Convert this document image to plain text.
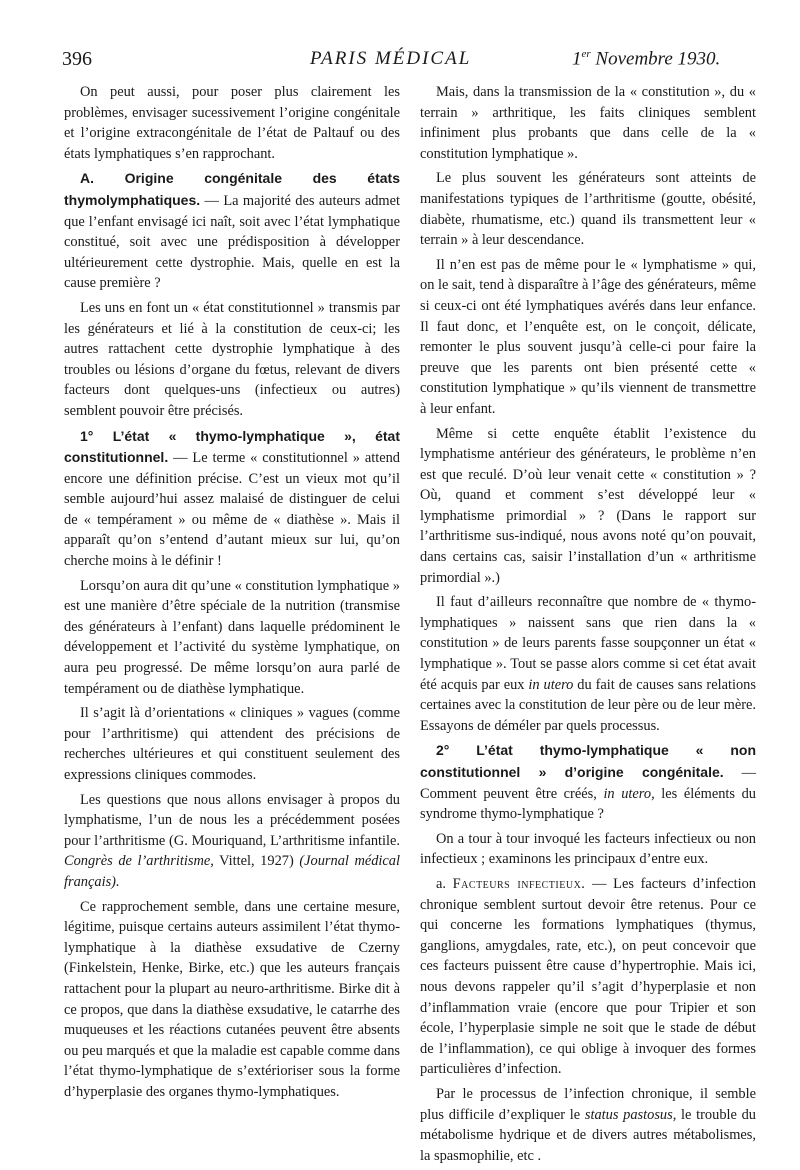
396	PARIS MÉDICAL	1er Novembre 1930.

On peut aussi, pour poser plus clairement les problèmes, envisager sucessivement l’origine congénitale et l’origine extracongénitale de l’état de Paltauf ou des états lymphatiques s’en rapprochant.

A. Origine congénitale des états thymolymphatiques. — La majorité des auteurs admet que l’enfant envisagé ici naît, soit avec l’état lymphatique constitué, soit avec une prédisposition à développer ultérieurement cette dystrophie. Mais, quelle en est la cause première ?

Les uns en font un « état constitutionnel » transmis par les générateurs et lié à la constitution de ceux-ci; les autres rattachent cette dystrophie lymphatique à des troubles ou lésions d’organe du fœtus, relevant de divers facteurs dont quelques-uns (infectieux ou autres) semblent pouvoir être précisés.

1° L’état « thymo-lymphatique », état constitutionnel. — Le terme « constitutionnel » attend encore une définition précise. C’est un vieux mot qu’il semble aujourd’hui assez malaisé de distinguer de celui de « tempérament » ou même de « diathèse ». Mais il apparaît qu’on s’entend d’autant mieux sur lui, qu’on cherche moins à le définir !

Lorsqu’on aura dit qu’une « constitution lymphatique » est une manière d’être spéciale de la nutrition (transmise des générateurs à l’enfant) dans laquelle prédominent le développement et l’activité du système lymphatique, on aura peu progressé. De même lorsqu’on aura parlé de tempérament ou de diathèse lymphatique.

Il s’agit là d’orientations « cliniques » vagues (comme pour l’arthritisme) qui attendent des précisions de recherches ultérieures et qui constituent seulement des expressions cliniques commodes.

Les questions que nous allons envisager à propos du lymphatisme, l’un de nous les a précédemment posées pour l’arthritisme (G. Mouriquand, L’arthritisme infantile. Congrès de l’arthritisme, Vittel, 1927) (Journal médical français).

Ce rapprochement semble, dans une certaine mesure, légitime, puisque certains auteurs assimilent l’état thymo-lymphatique à la diathèse exsudative de Czerny (Finkelstein, Henke, Birke, etc.) que les auteurs français rattachent pour la plupart au neuro-arthritisme. Birke dit à ce propos, que dans la diathèse exsudative, le catarrhe des muqueuses et les réactions cutanées peuvent être absents ou peu marqués et que la maladie est capable comme dans l’état thymo-lymphatique de s’extérioriser sous la forme d’hyperplasie des organes thymo-lymphatiques.

Mais, dans la transmission de la « constitution », du « terrain » arthritique, les faits cliniques semblent infiniment plus probants que dans celle de la « constitution lymphatique ».

Le plus souvent les générateurs sont atteints de manifestations typiques de l’arthritisme (goutte, obésité, diabète, rhumatisme, etc.) quand ils transmettent leur « terrain » à leur descendance.

Il n’en est pas de même pour le « lymphatisme » qui, on le sait, tend à disparaître à l’âge des générateurs, même si ceux-ci ont été lymphatiques avérés dans leur enfance. Il faut donc, et l’enquête est, on le conçoit, délicate, remonter le plus souvent jusqu’à celle-ci pour faire la preuve que les parents ont bien présenté cette « constitution lymphatique » qu’ils viennent de transmettre à leur enfant.

Même si cette enquête établit l’existence du lymphatisme antérieur des générateurs, le problème n’en est que reculé. D’où leur venait cette « constitution » ? Où, quand et comment s’est développé leur « lymphatisme primordial » ? (Dans le rapport sur l’arthritisme sus-indiqué, nous avons noté qu’on pouvait, dans certains cas, saisir l’installation d’un « arthritisme primordial ».)

Il faut d’ailleurs reconnaître que nombre de « thymo-lymphatiques » naissent sans que rien dans la « constitution » de leurs parents fasse soupçonner un état « lymphatique ». Tout se passe alors comme si cet état avait été acquis par eux in utero du fait de causes sans relations certaines avec la constitution de leur père ou de leur mère. Essayons de déméler par quels processus.

2° L’état thymo-lymphatique « non constitutionnel » d’origine congénitale. — Comment peuvent être créés, in utero, les éléments du syndrome thymo-lymphatique ?

On a tour à tour invoqué les facteurs infectieux ou non infectieux ; examinons les principaux d’entre eux.

a. Facteurs infectieux. — Les facteurs d’infection chronique semblent surtout devoir être retenus. Pour ce qui concerne les formations lymphatiques (thymus, ganglions, amygdales, rate, etc.), on peut concevoir que ces facteurs puissent être cause d’hypertrophie. Mais ici, nous devons rappeler qu’il s’agit d’hyperplasie et non d’inflammation vraie (encore que pour Tripier et son école, l’hyperplasie simple ne soit que le stade de début de l’inflammation), ce qui oblige à invoquer des formes particulières d’infection.

Par le processus de l’infection chronique, il semble plus difficile d’expliquer le status pastosus, le trouble du métabolisme hydrique et de divers autres métabolismes, la spasmophilie, etc .
